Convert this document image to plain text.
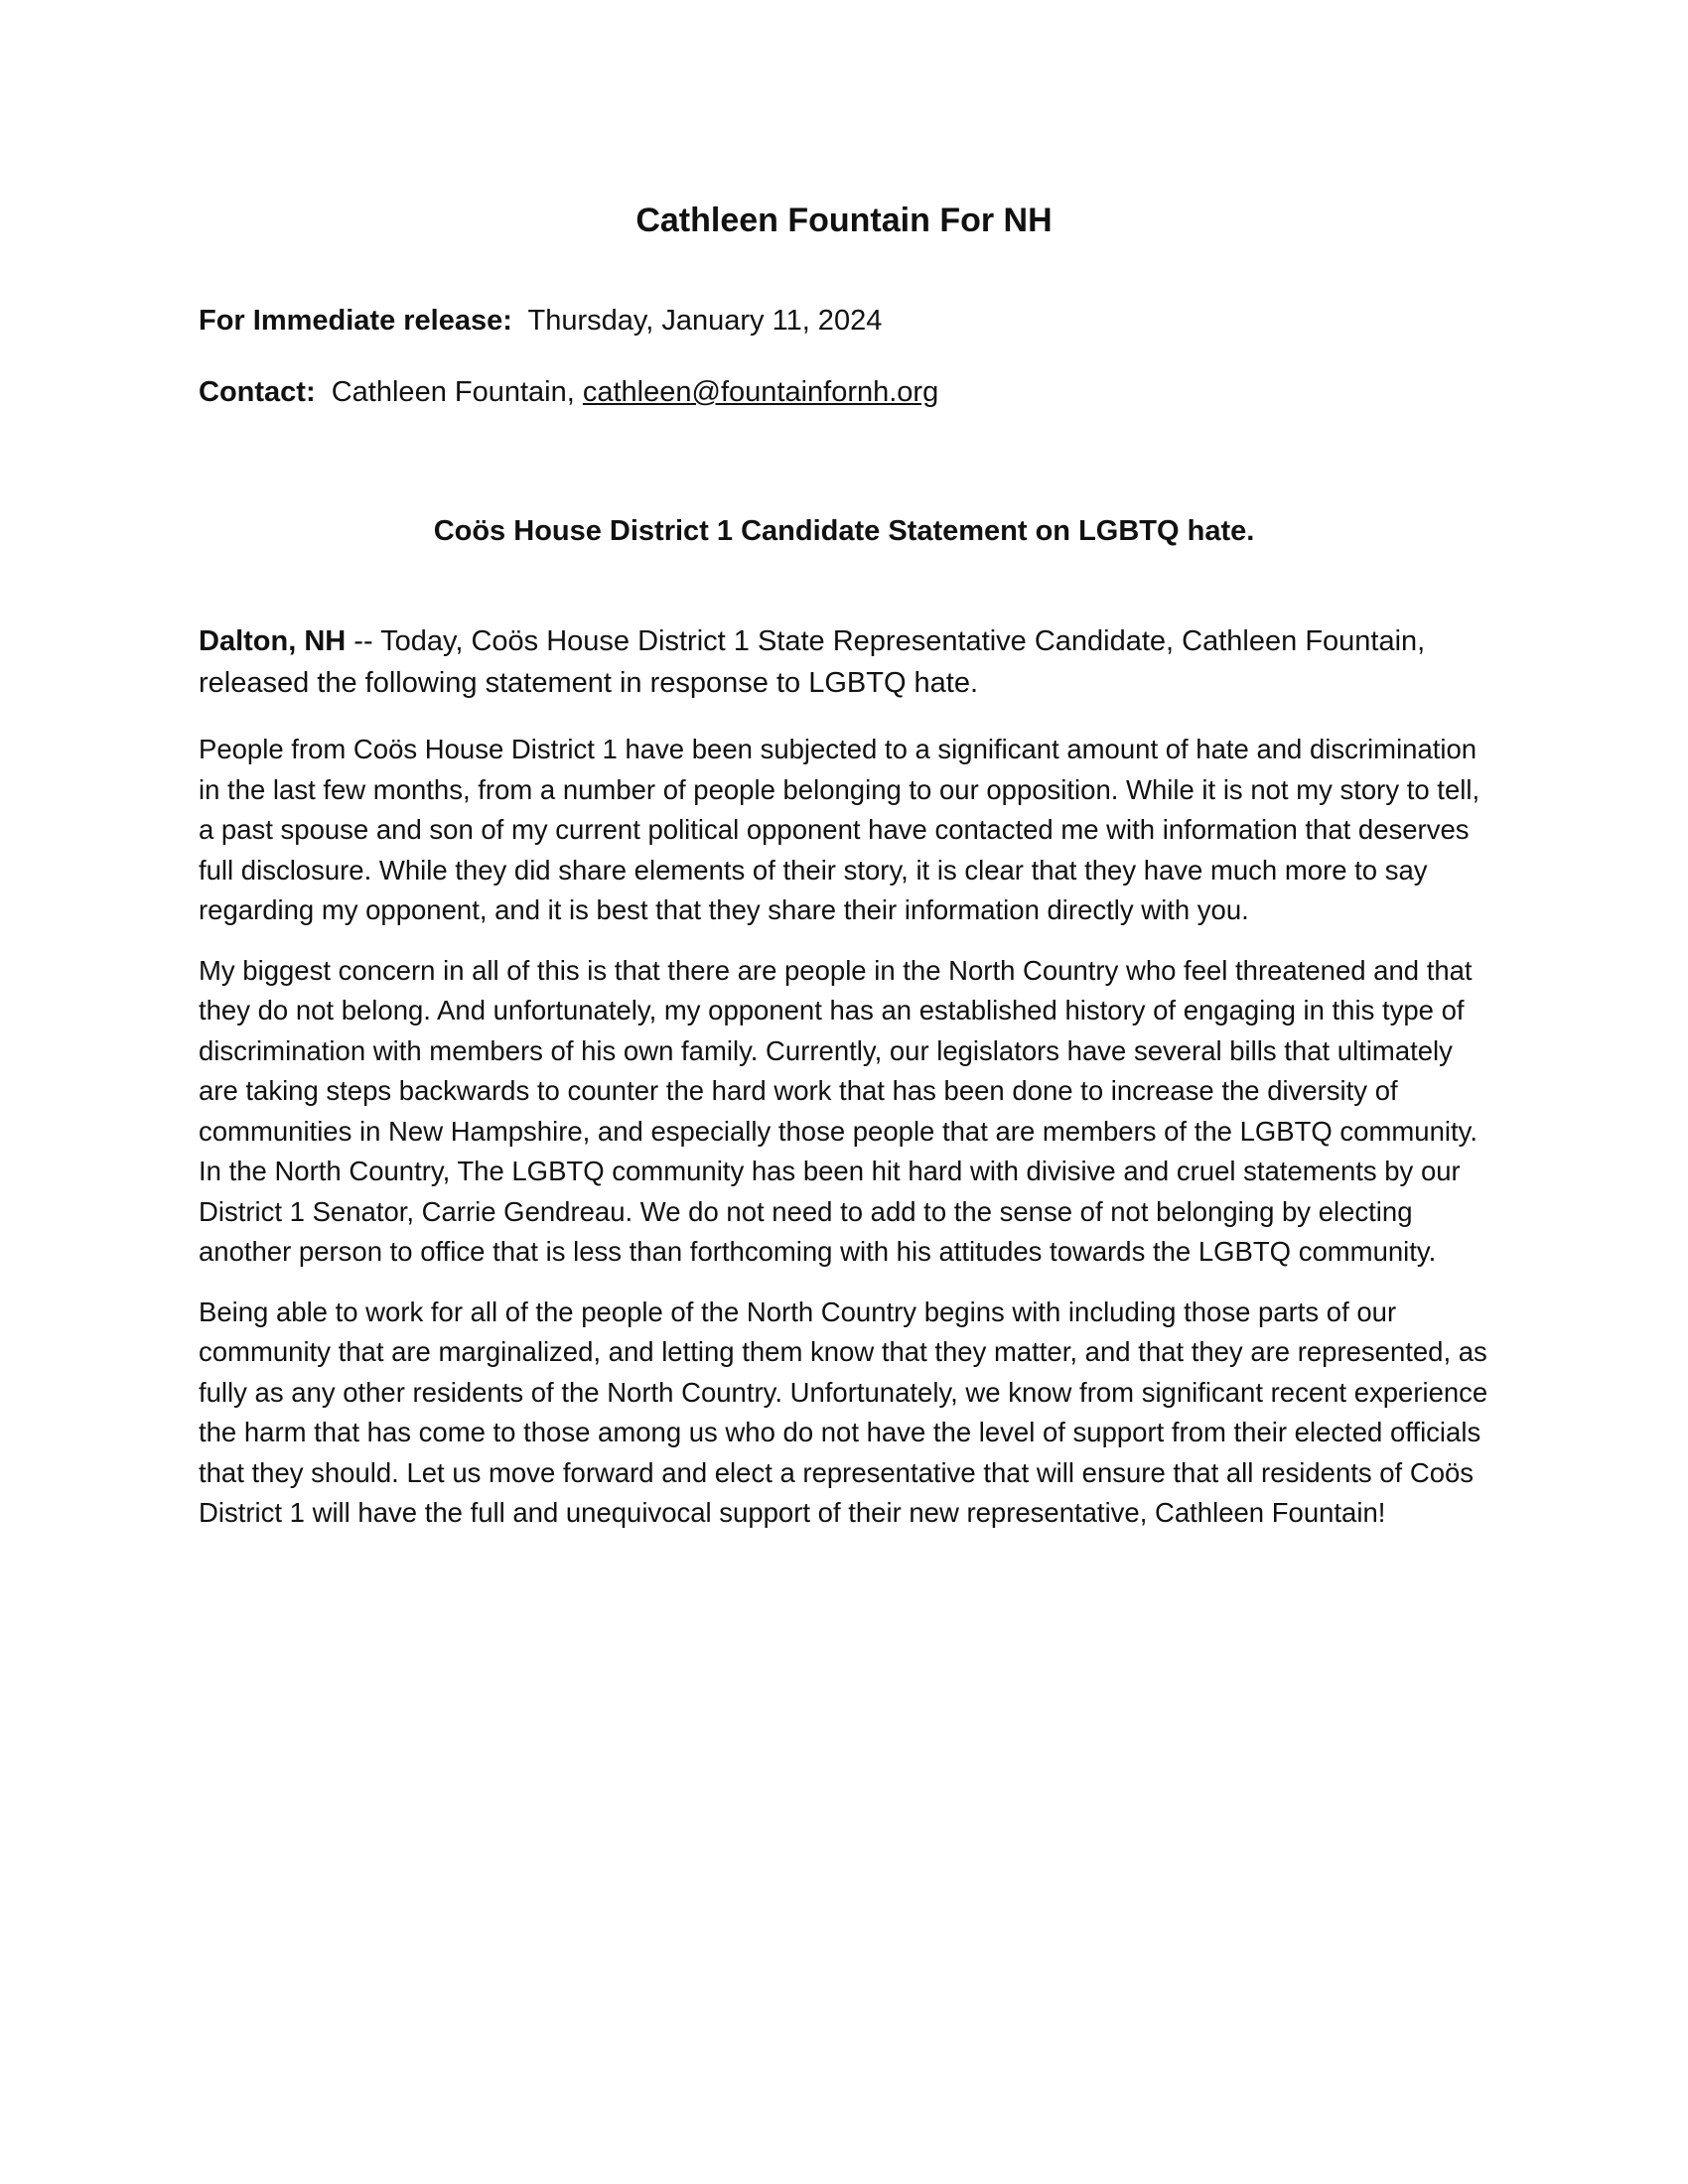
Cathleen Fountain For NH

For Immediate release: Thursday, January 11, 2024

Contact: Cathleen Fountain, cathleen@fountainfornh.org

Coös House District 1 Candidate Statement on LGBTQ hate.

Dalton, NH -- Today, Coös House District 1 State Representative Candidate, Cathleen Fountain, released the following statement in response to LGBTQ hate.

People from Coös House District 1 have been subjected to a significant amount of hate and discrimination in the last few months, from a number of people belonging to our opposition. While it is not my story to tell, a past spouse and son of my current political opponent have contacted me with information that deserves full disclosure. While they did share elements of their story, it is clear that they have much more to say regarding my opponent, and it is best that they share their information directly with you.

My biggest concern in all of this is that there are people in the North Country who feel threatened and that they do not belong. And unfortunately, my opponent has an established history of engaging in this type of discrimination with members of his own family. Currently, our legislators have several bills that ultimately are taking steps backwards to counter the hard work that has been done to increase the diversity of communities in New Hampshire, and especially those people that are members of the LGBTQ community. In the North Country, The LGBTQ community has been hit hard with divisive and cruel statements by our District 1 Senator, Carrie Gendreau. We do not need to add to the sense of not belonging by electing another person to office that is less than forthcoming with his attitudes towards the LGBTQ community.

Being able to work for all of the people of the North Country begins with including those parts of our community that are marginalized, and letting them know that they matter, and that they are represented, as fully as any other residents of the North Country. Unfortunately, we know from significant recent experience the harm that has come to those among us who do not have the level of support from their elected officials that they should. Let us move forward and elect a representative that will ensure that all residents of Coös District 1 will have the full and unequivocal support of their new representative, Cathleen Fountain!
